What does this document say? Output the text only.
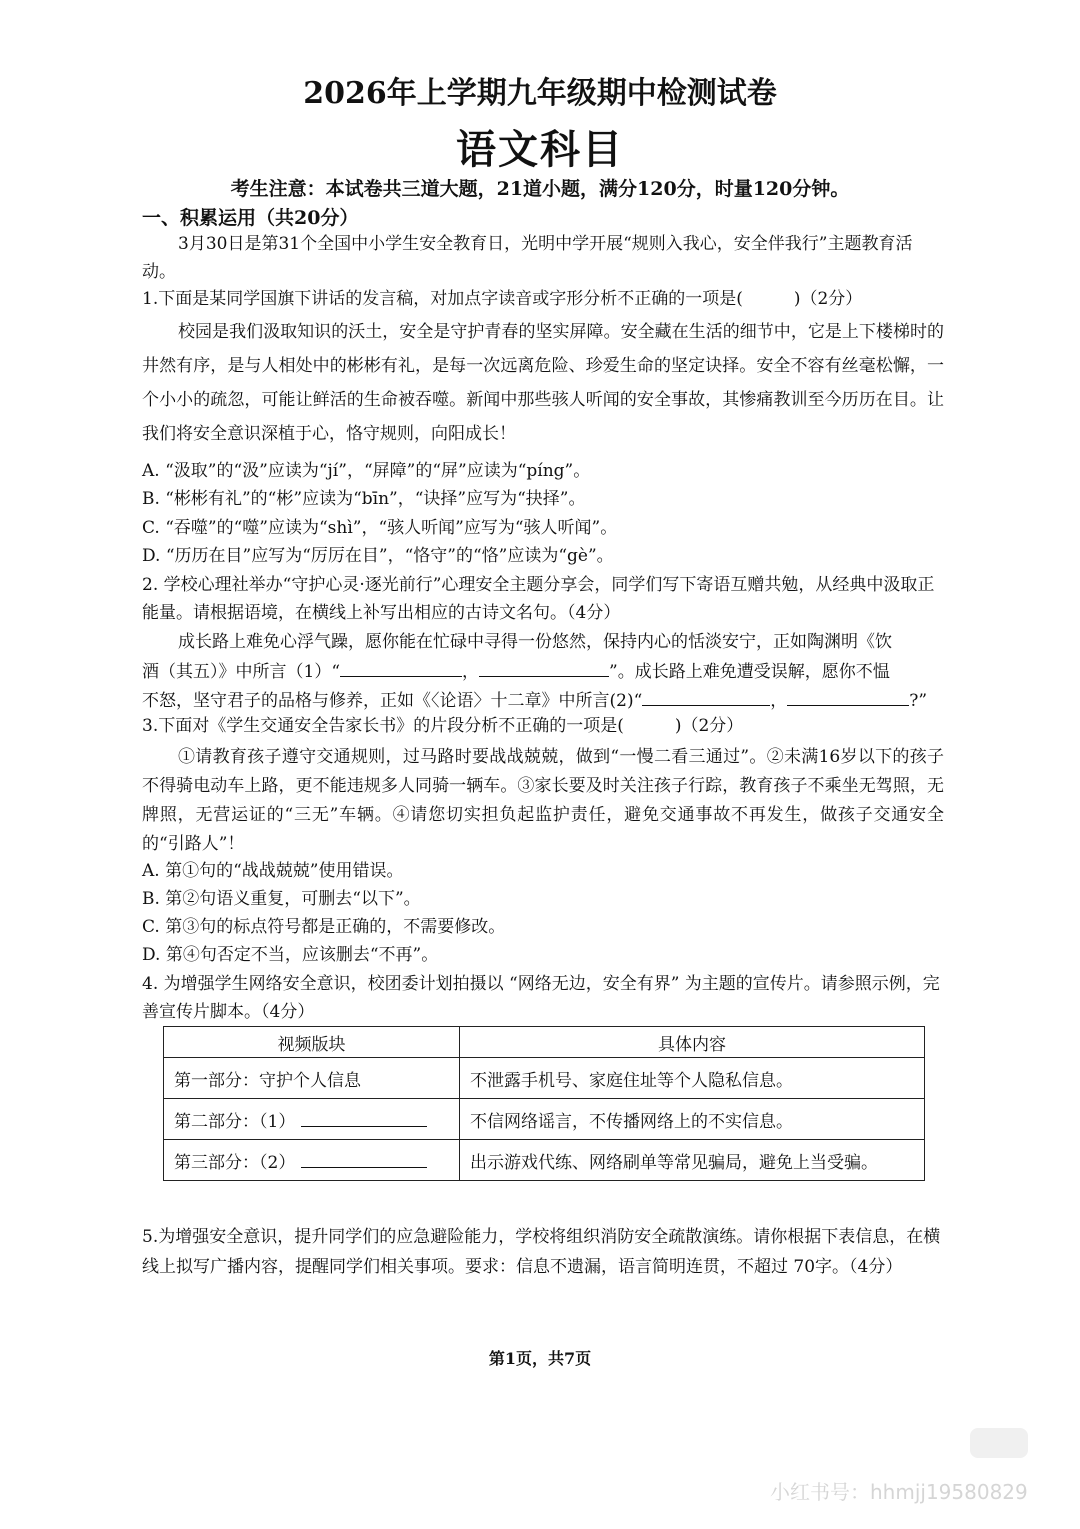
2026年上学期九年级期中检测试卷
语文科目
考生注意：本试卷共三道大题，21道小题，满分120分，时量120分钟。
一、积累运用（共20分）

3月30日是第31个全国中小学生安全教育日，光明中学开展“规则入我心，安全伴我行”主题教育活动。

1.下面是某同学国旗下讲话的发言稿，对加点字读音或字形分析不正确的一项是(　　　)（2分）

校园是我们汲取知识的沃土，安全是守护青春的坚实屏障。安全藏在生活的细节中，它是上下楼梯时的井然有序，是与人相处中的彬彬有礼，是每一次远离危险、珍爱生命的坚定诀择。安全不容有丝毫松懈，一个小小的疏忽，可能让鲜活的生命被吞噬。新闻中那些骇人听闻的安全事故，其惨痛教训至今历历在目。让我们将安全意识深植于心，恪守规则，向阳成长！

A. “汲取”的“汲”应读为“jí”，“屏障”的“屏”应读为“píng”。
B. “彬彬有礼”的“彬”应读为“bīn”，“诀择”应写为“抉择”。
C. “吞噬”的“噬”应读为“shì”，“骇人听闻”应写为“骇人听闻”。
D. “历历在目”应写为“厉厉在目”，“恪守”的“恪”应读为“gè”。

2. 学校心理社举办“守护心灵·逐光前行”心理安全主题分享会，同学们写下寄语互赠共勉，从经典中汲取正能量。请根据语境，在横线上补写出相应的古诗文名句。（4分）

成长路上难免心浮气躁，愿你能在忙碌中寻得一份悠然，保持内心的恬淡安宁，正如陶渊明《饮
酒（其五）》中所言（1）“	，	”。成长路上难免遭受误解，愿你不愠
不怒，坚守君子的品格与修养，正如《〈论语〉十二章》中所言(2)“	，	?”

3.下面对《学生交通安全告家长书》的片段分析不正确的一项是(　　　)（2分）

①请教育孩子遵守交通规则，过马路时要战战兢兢，做到“一慢二看三通过”。②未满16岁以下的孩子不得骑电动车上路，更不能违规多人同骑一辆车。③家长要及时关注孩子行踪，教育孩子不乘坐无驾照，无牌照，无营运证的“三无”车辆。④请您切实担负起监护责任，避免交通事故不再发生，做孩子交通安全的“引路人”！

A. 第①句的“战战兢兢”使用错误。
B. 第②句语义重复，可删去“以下”。
C. 第③句的标点符号都是正确的，不需要修改。
D. 第④句否定不当，应该删去“不再”。

4. 为增强学生网络安全意识，校团委计划拍摄以 “网络无边，安全有界” 为主题的宣传片。请参照示例，完善宣传片脚本。（4分）

视频版块	具体内容
第一部分：守护个人信息	不泄露手机号、家庭住址等个人隐私信息。
第二部分：（1）	不信网络谣言，不传播网络上的不实信息。
第三部分：（2）	出示游戏代练、网络刷单等常见骗局，避免上当受骗。

5.为增强安全意识，提升同学们的应急避险能力，学校将组织消防安全疏散演练。请你根据下表信息，在横线上拟写广播内容，提醒同学们相关事项。要求：信息不遗漏，语言简明连贯，不超过 70字。（4分）

第1页，共7页
小红书号：hhmjj19580829
